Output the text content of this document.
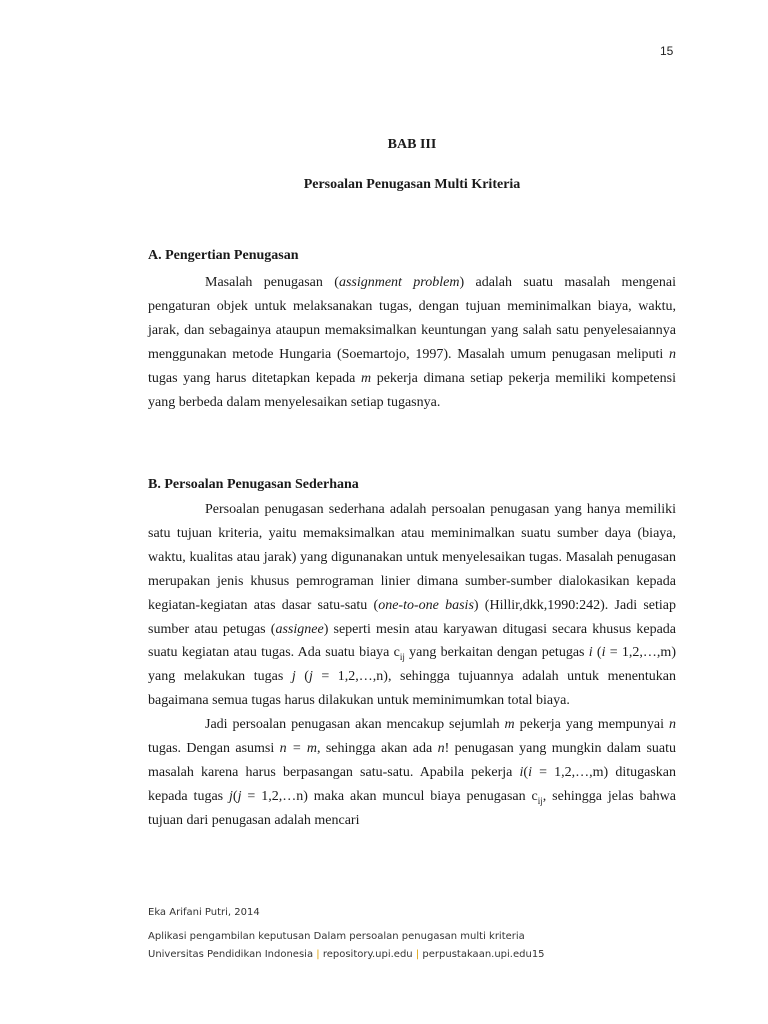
15
BAB III
Persoalan Penugasan Multi Kriteria
A. Pengertian Penugasan

Masalah penugasan (assignment problem) adalah suatu masalah mengenai pengaturan objek untuk melaksanakan tugas, dengan tujuan meminimalkan biaya, waktu, jarak, dan sebagainya ataupun memaksimalkan keuntungan yang salah satu penyelesaiannya menggunakan metode Hungaria (Soemartojo, 1997). Masalah umum penugasan meliputi n tugas yang harus ditetapkan kepada m pekerja dimana setiap pekerja memiliki kompetensi yang berbeda dalam menyelesaikan setiap tugasnya.

B. Persoalan Penugasan Sederhana

Persoalan penugasan sederhana adalah persoalan penugasan yang hanya memiliki satu tujuan kriteria, yaitu memaksimalkan atau meminimalkan suatu sumber daya (biaya, waktu, kualitas atau jarak) yang digunanakan untuk menyelesaikan tugas. Masalah penugasan merupakan jenis khusus pemrograman linier dimana sumber-sumber dialokasikan kepada kegiatan-kegiatan atas dasar satu-satu (one-to-one basis) (Hillir,dkk,1990:242). Jadi setiap sumber atau petugas (assignee) seperti mesin atau karyawan ditugasi secara khusus kepada suatu kegiatan atau tugas. Ada suatu biaya $c_{ij}$ yang berkaitan dengan petugas i (i = 1,2,…,m) yang melakukan tugas j (j = 1,2,…,n), sehingga tujuannya adalah untuk menentukan bagaimana semua tugas harus dilakukan untuk meminimumkan total biaya.

Jadi persoalan penugasan akan mencakup sejumlah m pekerja yang mempunyai n tugas. Dengan asumsi n = m, sehingga akan ada n! penugasan yang mungkin dalam suatu masalah karena harus berpasangan satu-satu. Apabila pekerja i(i = 1,2,…,m) ditugaskan kepada tugas j(j = 1,2,…n) maka akan muncul biaya penugasan $c_{ij}$, sehingga jelas bahwa tujuan dari penugasan adalah mencari

Eka Arifani Putri, 2014
Aplikasi pengambilan keputusan Dalam persoalan penugasan multi kriteria
Universitas Pendidikan Indonesia | repository.upi.edu | perpustakaan.upi.edu15
